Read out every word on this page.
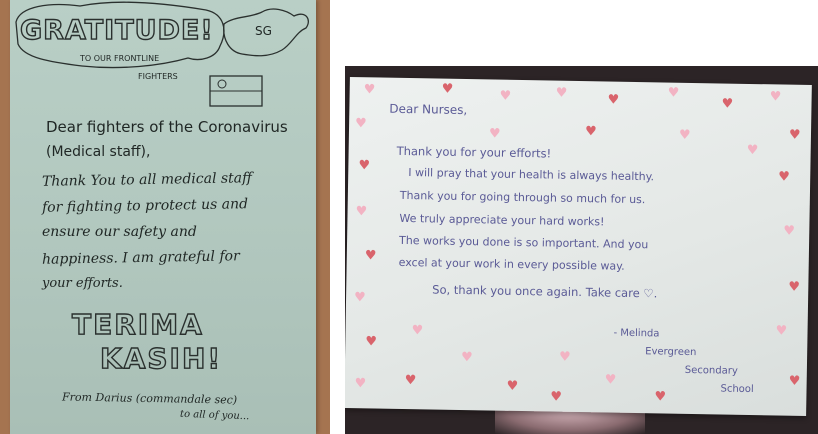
GRATITUDE!
TO OUR FRONTLINE
FIGHTERS
SG
Dear fighters of the Coronavirus
(Medical staff),
Thank You to all medical staff
for fighting to protect us and
ensure our safety and
happiness. I am grateful for
your efforts.
TERIMA
KASIH!
From Darius (commandale sec)
to all of you...
♥	♥	♥	♥	♥	♥
♥	♥
♥
♥
♥
♥
♥
♥
♥
♥
♥
♥
♥
♥
♥
♥
♥
♥
♥
♥
♥
♥
♥
♥
♥	♥	♥
Dear Nurses,
Thank you for your efforts!
I will pray that your health is always healthy.
Thank you for going through so much for us.
We truly appreciate your hard works!
The works you done is so important. And you
excel at your work in every possible way.
So, thank you once again. Take care ♡.
- Melinda
Evergreen
Secondary
School
